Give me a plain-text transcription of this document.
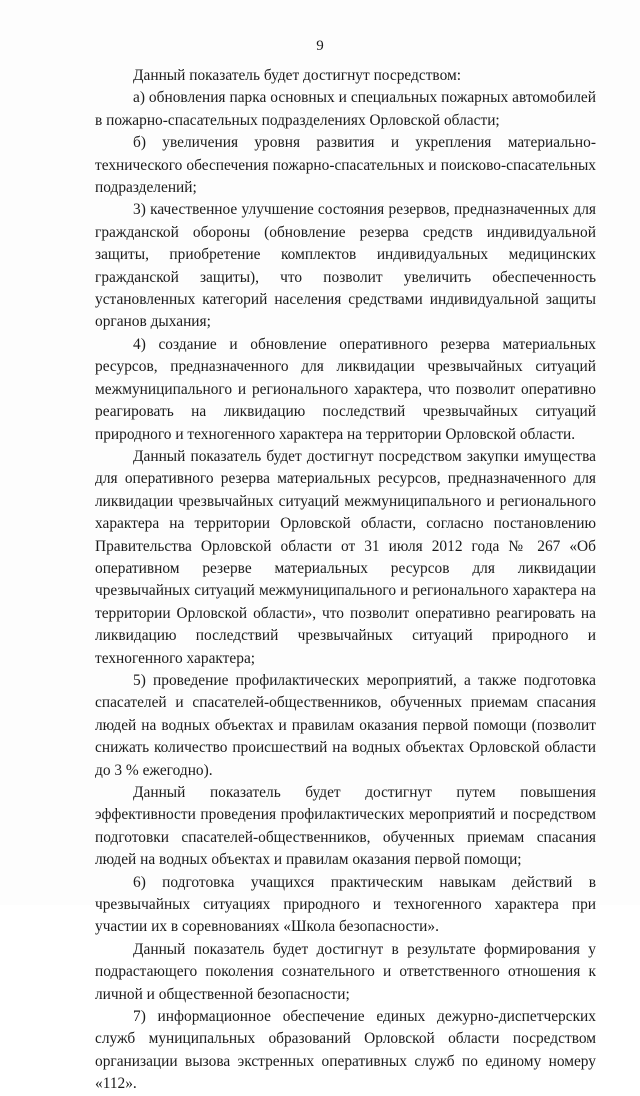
9

Данный показатель будет достигнут посредством:

а) обновления парка основных и специальных пожарных автомобилей в пожарно-спасательных подразделениях Орловской области;

б) увеличения уровня развития и укрепления материально-технического обеспечения пожарно-спасательных и поисково-спасательных подразделений;

3) качественное улучшение состояния резервов, предназначенных для гражданской обороны (обновление резерва средств индивидуальной защиты, приобретение комплектов индивидуальных медицинских гражданской защиты), что позволит увеличить обеспеченность установленных категорий населения средствами индивидуальной защиты органов дыхания;

4) создание и обновление оперативного резерва материальных ресурсов, предназначенного для ликвидации чрезвычайных ситуаций межмуниципального и регионального характера, что позволит оперативно реагировать на ликвидацию последствий чрезвычайных ситуаций природного и техногенного характера на территории Орловской области.

Данный показатель будет достигнут посредством закупки имущества для оперативного резерва материальных ресурсов, предназначенного для ликвидации чрезвычайных ситуаций межмуниципального и регионального характера на территории Орловской области, согласно постановлению Правительства Орловской области от 31 июля 2012 года № 267 «Об оперативном резерве материальных ресурсов для ликвидации чрезвычайных ситуаций межмуниципального и регионального характера на территории Орловской области», что позволит оперативно реагировать на ликвидацию последствий чрезвычайных ситуаций природного и техногенного характера;

5) проведение профилактических мероприятий, а также подготовка спасателей и спасателей-общественников, обученных приемам спасания людей на водных объектах и правилам оказания первой помощи (позволит снижать количество происшествий на водных объектах Орловской области до 3 % ежегодно).

Данный показатель будет достигнут путем повышения эффективности проведения профилактических мероприятий и посредством подготовки спасателей-общественников, обученных приемам спасания людей на водных объектах и правилам оказания первой помощи;

6) подготовка учащихся практическим навыкам действий в чрезвычайных ситуациях природного и техногенного характера при участии их в соревнованиях «Школа безопасности».

Данный показатель будет достигнут в результате формирования у подрастающего поколения сознательного и ответственного отношения к личной и общественной безопасности;

7) информационное обеспечение единых дежурно-диспетчерских служб муниципальных образований Орловской области посредством организации вызова экстренных оперативных служб по единому номеру «112».
